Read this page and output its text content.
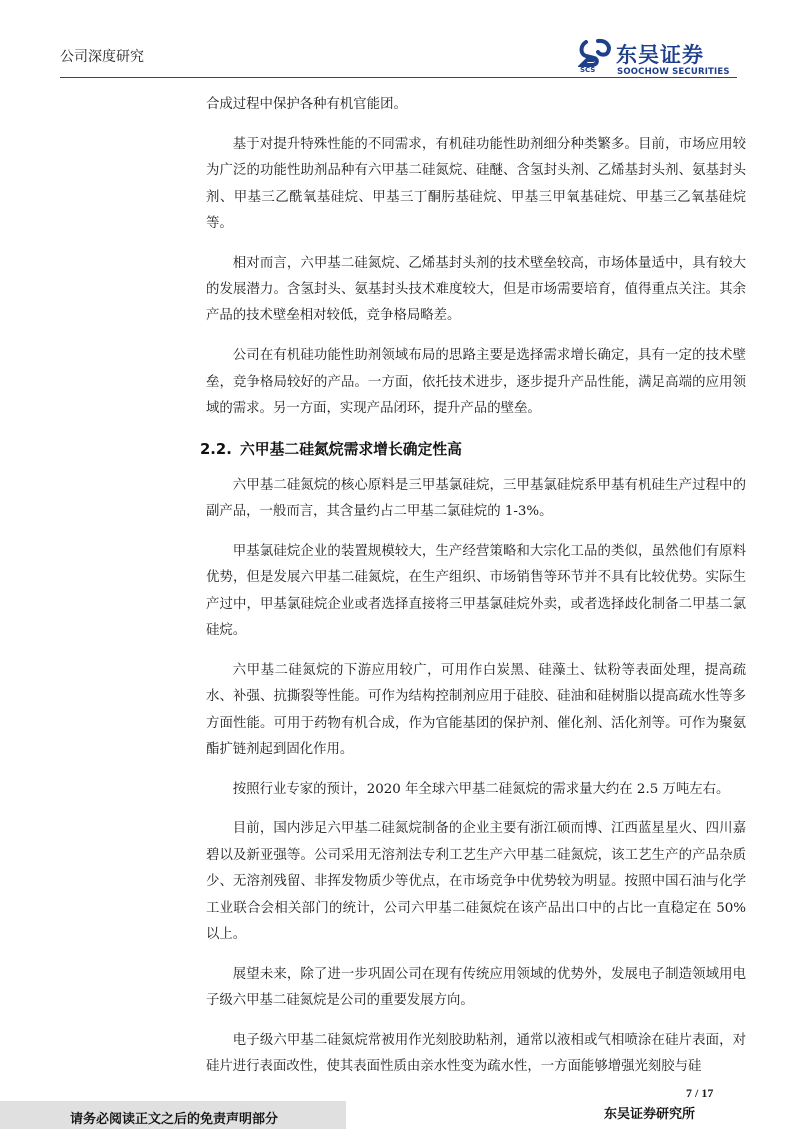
公司深度研究
SCS
东吴证券
SOOCHOW SECURITIES

合成过程中保护各种有机官能团。

基于对提升特殊性能的不同需求，有机硅功能性助剂细分种类繁多。目前，市场应用较为广泛的功能性助剂品种有六甲基二硅氮烷、硅醚、含氢封头剂、乙烯基封头剂、氨基封头剂、甲基三乙酰氧基硅烷、甲基三丁酮肟基硅烷、甲基三甲氧基硅烷、甲基三乙氧基硅烷等。

相对而言，六甲基二硅氮烷、乙烯基封头剂的技术壁垒较高，市场体量适中，具有较大的发展潜力。含氢封头、氨基封头技术难度较大，但是市场需要培育，值得重点关注。其余产品的技术壁垒相对较低，竞争格局略差。

公司在有机硅功能性助剂领域布局的思路主要是选择需求增长确定，具有一定的技术壁垒，竞争格局较好的产品。一方面，依托技术进步，逐步提升产品性能，满足高端的应用领域的需求。另一方面，实现产品闭环，提升产品的壁垒。

2.2. 六甲基二硅氮烷需求增长确定性高

六甲基二硅氮烷的核心原料是三甲基氯硅烷，三甲基氯硅烷系甲基有机硅生产过程中的副产品，一般而言，其含量约占二甲基二氯硅烷的 1-3%。

甲基氯硅烷企业的装置规模较大，生产经营策略和大宗化工品的类似，虽然他们有原料优势，但是发展六甲基二硅氮烷，在生产组织、市场销售等环节并不具有比较优势。实际生产过中，甲基氯硅烷企业或者选择直接将三甲基氯硅烷外卖，或者选择歧化制备二甲基二氯硅烷。

六甲基二硅氮烷的下游应用较广，可用作白炭黑、硅藻土、钛粉等表面处理，提高疏水、补强、抗撕裂等性能。可作为结构控制剂应用于硅胶、硅油和硅树脂以提高疏水性等多方面性能。可用于药物有机合成，作为官能基团的保护剂、催化剂、活化剂等。可作为聚氨酯扩链剂起到固化作用。

按照行业专家的预计，2020 年全球六甲基二硅氮烷的需求量大约在 2.5 万吨左右。

目前，国内涉足六甲基二硅氮烷制备的企业主要有浙江硕而博、江西蓝星星火、四川嘉碧以及新亚强等。公司采用无溶剂法专利工艺生产六甲基二硅氮烷，该工艺生产的产品杂质少、无溶剂残留、非挥发物质少等优点，在市场竞争中优势较为明显。按照中国石油与化学工业联合会相关部门的统计，公司六甲基二硅氮烷在该产品出口中的占比一直稳定在 50%以上。

展望未来，除了进一步巩固公司在现有传统应用领域的优势外，发展电子制造领域用电子级六甲基二硅氮烷是公司的重要发展方向。

电子级六甲基二硅氮烷常被用作光刻胶助粘剂，通常以液相或气相喷涂在硅片表面，对硅片进行表面改性，使其表面性质由亲水性变为疏水性，一方面能够增强光刻胶与硅

7 / 17
请务必阅读正文之后的免责声明部分	东吴证券研究所
